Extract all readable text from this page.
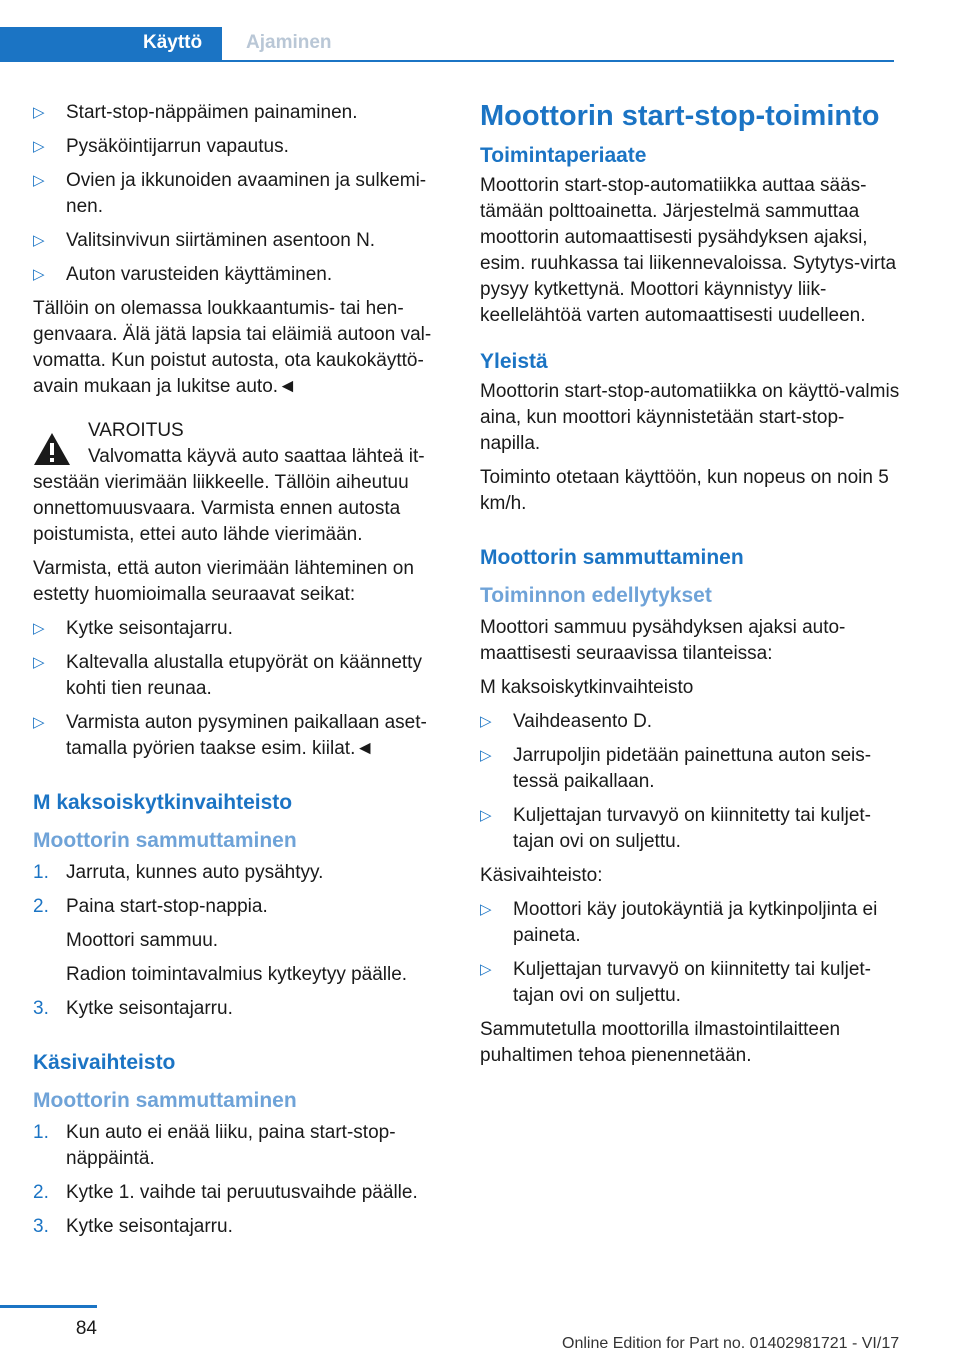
Käyttö Ajaminen
▷ Start-stop-näppäimen painaminen.
▷ Pysäköintijarrun vapautus.
▷ Ovien ja ikkunoiden avaaminen ja sulkemi‐nen.
▷ Valitsinvivun siirtäminen asentoon N.
▷ Auton varusteiden käyttäminen.
Tällöin on olemassa loukkaantumis- tai hen‐genvaara. Älä jätä lapsia tai eläimiä autoon val‐vomatta. Kun poistut autosta, ota kaukokäyttö‐avain mukaan ja lukitse auto.◄
VAROITUS
Valvomatta käyvä auto saattaa lähteä it‐
sestään vierimään liikkeelle. Tällöin aiheutuu onnettomuusvaara. Varmista ennen autosta poistumista, ettei auto lähde vierimään.
Varmista, että auton vierimään lähteminen on estetty huomioimalla seuraavat seikat:
▷ Kytke seisontajarru.
▷ Kaltevalla alustalla etupyörät on käännetty kohti tien reunaa.
▷ Varmista auton pysyminen paikallaan aset‐tamalla pyörien taakse esim. kiilat.◄
M kaksoiskytkinvaihteisto
Moottorin sammuttaminen
1. Jarruta, kunnes auto pysähtyy.
2. Paina start-stop-nappia.
Moottori sammuu.
Radion toimintavalmius kytkeytyy päälle.
3. Kytke seisontajarru.
Käsivaihteisto
Moottorin sammuttaminen
1. Kun auto ei enää liiku, paina start-stop-näppäintä.
2. Kytke 1. vaihde tai peruutusvaihde päälle.
3. Kytke seisontajarru.
Moottorin start-stop-toiminto
Toimintaperiaate
Moottorin start-stop-automatiikka auttaa sääs‐tämään polttoainetta. Järjestelmä sammuttaa moottorin automaattisesti pysähdyksen ajaksi, esim. ruuhkassa tai liikennevaloissa. Sytytys‐virta pysyy kytkettynä. Moottori käynnistyy liik‐keellelähtöä varten automaattisesti uudelleen.
Yleistä
Moottorin start-stop-automatiikka on käyttö‐valmis aina, kun moottori käynnistetään start-stop-napilla.
Toiminto otetaan käyttöön, kun nopeus on noin 5 km/h.
Moottorin sammuttaminen
Toiminnon edellytykset
Moottori sammuu pysähdyksen ajaksi auto‐maattisesti seuraavissa tilanteissa:
M kaksoiskytkinvaihteisto
▷ Vaihdeasento D.
▷ Jarrupoljin pidetään painettuna auton seis‐tessä paikallaan.
▷ Kuljettajan turvavyö on kiinnitetty tai kuljet‐tajan ovi on suljettu.
Käsivaihteisto:
▷ Moottori käy joutokäyntiä ja kytkinpoljinta ei paineta.
▷ Kuljettajan turvavyö on kiinnitetty tai kuljet‐tajan ovi on suljettu.
Sammutetulla moottorilla ilmastointilaitteen puhaltimen tehoa pienennetään.
84
Online Edition for Part no. 01402981721 - VI/17
